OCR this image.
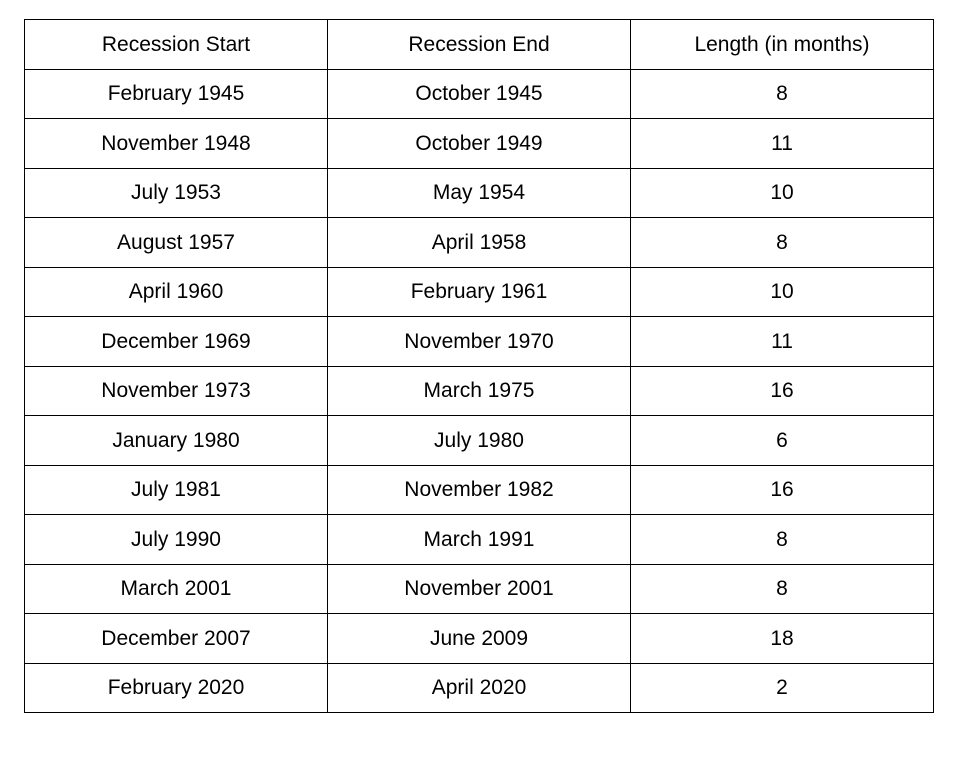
Recession Start	Recession End	Length (in months)
February 1945	October 1945	8
November 1948	October 1949	11
July 1953	May 1954	10
August 1957	April 1958	8
April 1960	February 1961	10
December 1969	November 1970	11
November 1973	March 1975	16
January 1980	July 1980	6
July 1981	November 1982	16
July 1990	March 1991	8
March 2001	November 2001	8
December 2007	June 2009	18
February 2020	April 2020	2
